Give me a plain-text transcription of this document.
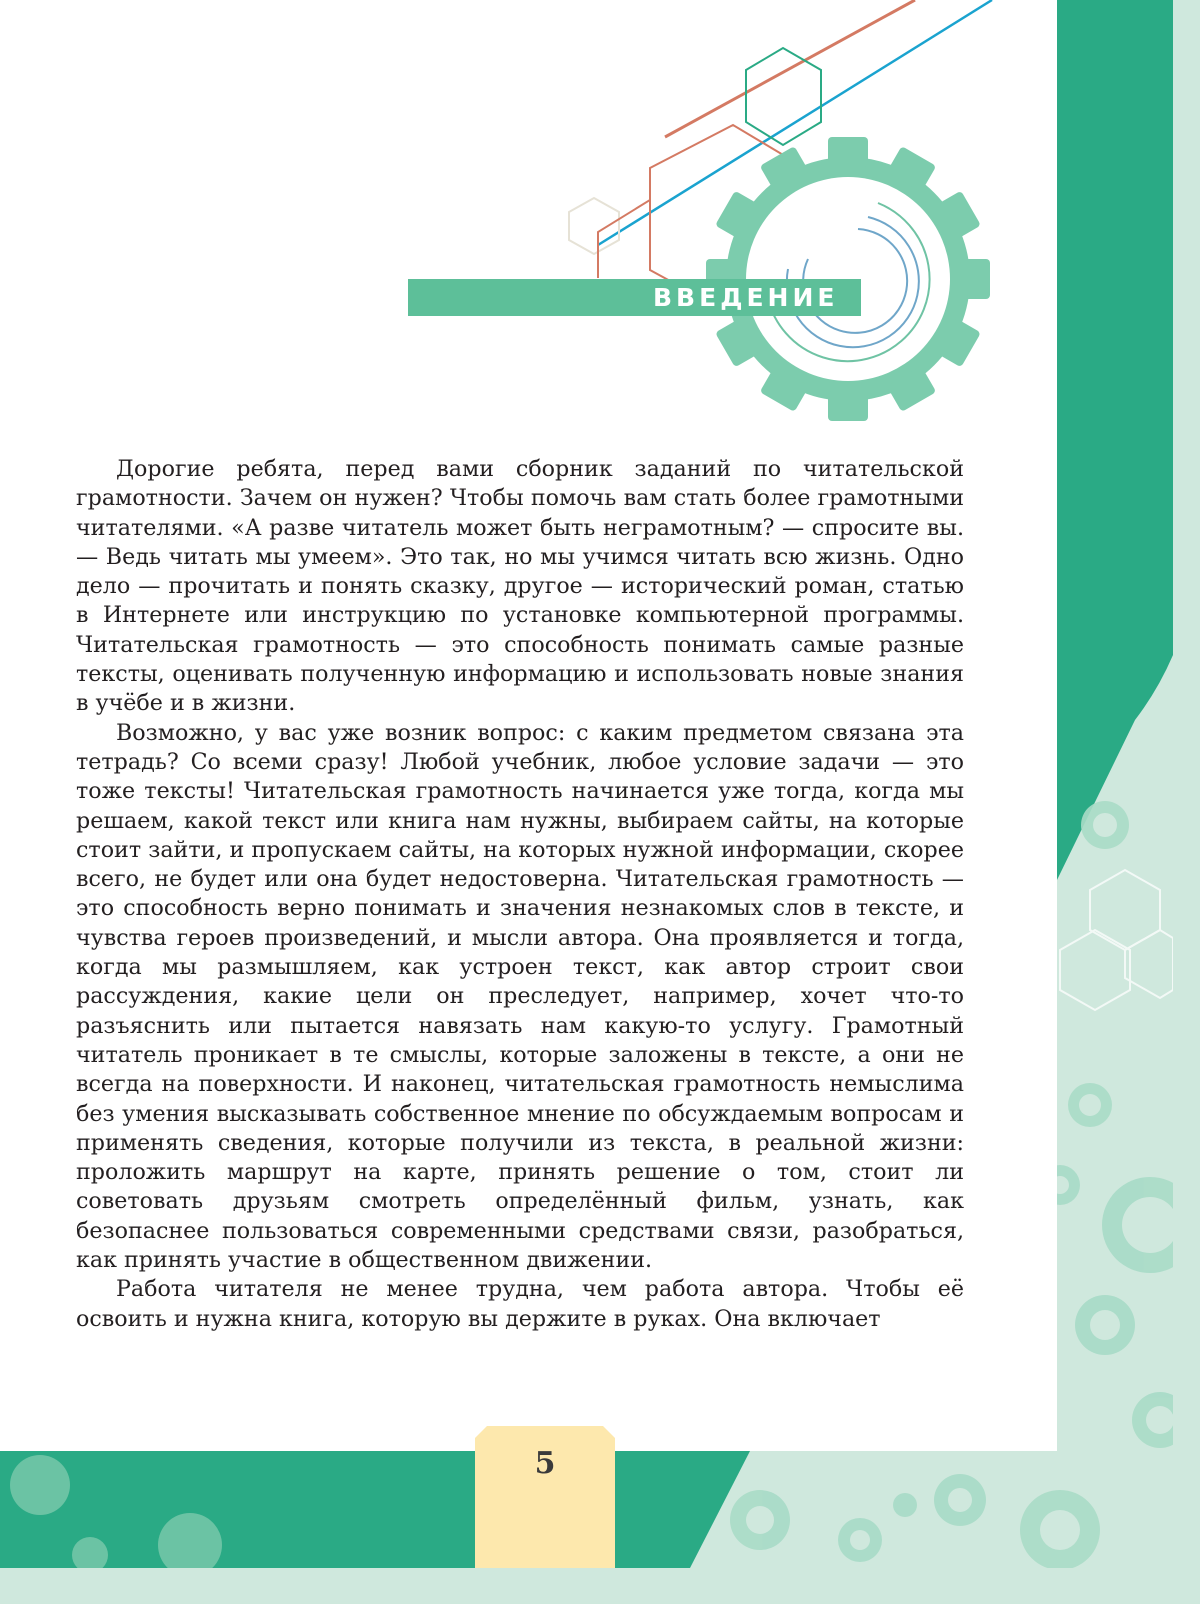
ВВЕДЕНИЕ

Дорогие ребята, перед вами сборник заданий по читательской грамотности. Зачем он нужен? Чтобы помочь вам стать более грамотными читателями. «А разве читатель может быть неграмотным? — спросите вы. — Ведь читать мы умеем». Это так, но мы учимся читать всю жизнь. Одно дело — прочитать и понять сказку, другое — исторический роман, статью в Интернете или инструкцию по установке компьютерной программы. Читательская грамотность — это способность понимать самые разные тексты, оценивать полученную информацию и использовать новые знания в учёбе и в жизни.

Возможно, у вас уже возник вопрос: с каким предметом связана эта тетрадь? Со всеми сразу! Любой учебник, любое условие задачи — это тоже тексты! Читательская грамотность начинается уже тогда, когда мы решаем, какой текст или книга нам нужны, выбираем сайты, на которые стоит зайти, и пропускаем сайты, на которых нужной информации, скорее всего, не будет или она будет недостоверна. Читательская грамотность — это способность верно понимать и значения незнакомых слов в тексте, и чувства героев произведений, и мысли автора. Она проявляется и тогда, когда мы размышляем, как устроен текст, как автор строит свои рассуждения, какие цели он преследует, например, хочет что-то разъяснить или пытается навязать нам какую-то услугу. Грамотный читатель проникает в те смыслы, которые заложены в тексте, а они не всегда на поверхности. И наконец, читательская грамотность немыслима без умения высказывать собственное мнение по обсуждаемым вопросам и применять сведения, которые получили из текста, в реальной жизни: проложить маршрут на карте, принять решение о том, стоит ли советовать друзьям смотреть определённый фильм, узнать, как безопаснее пользоваться современными средствами связи, разобраться, как принять участие в общественном движении.

Работа читателя не менее трудна, чем работа автора. Чтобы её освоить и нужна книга, которую вы держите в руках. Она включает

5
